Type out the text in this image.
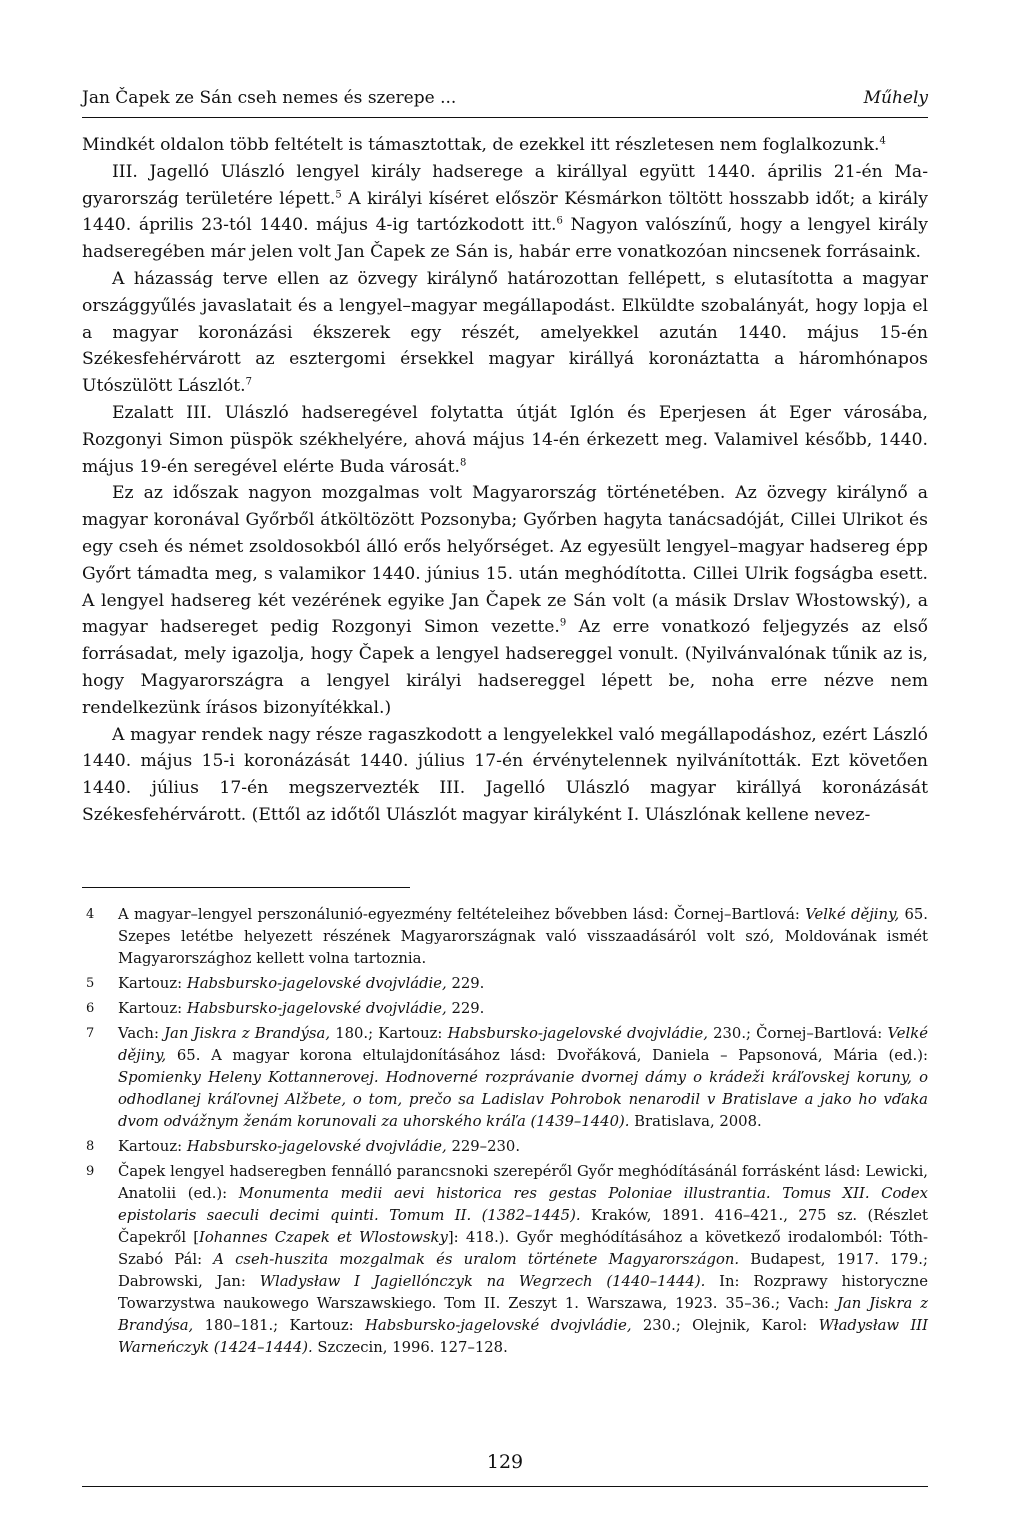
Jan Čapek ze Sán cseh nemes és szerepe ...	Műhely

Mindkét oldalon több feltételt is támasztottak, de ezekkel itt részletesen nem foglalkozunk.$^4$

III. Jagelló Ulászló lengyel király hadserege a királlyal együtt 1440. április 21-én Magyarország területére lépett.$^5$ A királyi kíséret először Késmárkon töltött hosszabb időt; a király 1440. április 23-tól 1440. május 4-ig tartózkodott itt.$^6$ Nagyon valószínű, hogy a lengyel király hadseregében már jelen volt Jan Čapek ze Sán is, habár erre vonatkozóan nincsenek forrásaink.

A házasság terve ellen az özvegy királynő határozottan fellépett, s elutasította a magyar országgyűlés javaslatait és a lengyel–magyar megállapodást. Elküldte szobalányát, hogy lopja el a magyar koronázási ékszerek egy részét, amelyekkel azután 1440. május 15-én Székesfehérvárott az esztergomi érsekkel magyar királlyá koronáztatta a háromhónapos Utószülött Lászlót.$^7$

Ezalatt III. Ulászló hadseregével folytatta útját Iglón és Eperjesen át Eger városába, Rozgonyi Simon püspök székhelyére, ahová május 14-én érkezett meg. Valamivel később, 1440. május 19-én seregével elérte Buda városát.$^8$

Ez az időszak nagyon mozgalmas volt Magyarország történetében. Az özvegy királynő a magyar koronával Győrből átköltözött Pozsonyba; Győrben hagyta tanácsadóját, Cillei Ulrikot és egy cseh és német zsoldosokból álló erős helyőrséget. Az egyesült lengyel–magyar hadsereg épp Győrt támadta meg, s valamikor 1440. június 15. után meghódította. Cillei Ulrik fogságba esett. A lengyel hadsereg két vezérének egyike Jan Čapek ze Sán volt (a másik Drslav Włostowský), a magyar hadsereget pedig Rozgonyi Simon vezette.$^9$ Az erre vonatkozó feljegyzés az első forrásadat, mely igazolja, hogy Čapek a lengyel hadsereggel vonult. (Nyilvánvalónak tűnik az is, hogy Magyarországra a lengyel királyi hadsereggel lépett be, noha erre nézve nem rendelkezünk írásos bizonyítékkal.)

A magyar rendek nagy része ragaszkodott a lengyelekkel való megállapodáshoz, ezért László 1440. május 15-i koronázását 1440. július 17-én érvénytelennek nyilvánították. Ezt követően 1440. július 17-én megszervezték III. Jagelló Ulászló magyar királlyá koronázását Székesfehérvárott. (Ettől az időtől Ulászlót magyar királyként I. Ulászlónak kellene nevez-

4	A magyar–lengyel perszonálunió-egyezmény feltételeihez bővebben lásd: Čornej–Bartlová: Velké dějiny, 65. Szepes letétbe helyezett részének Magyarországnak való visszaadásáról volt szó, Moldovának ismét Magyarországhoz kellett volna tartoznia.
5	Kartouz: Habsbursko-jagelovské dvojvládie, 229.
6	Kartouz: Habsbursko-jagelovské dvojvládie, 229.
7	Vach: Jan Jiskra z Brandýsa, 180.; Kartouz: Habsbursko-jagelovské dvojvládie, 230.; Čornej–Bartlová: Velké dějiny, 65. A magyar korona eltulajdonításához lásd: Dvořáková, Daniela – Papsonová, Mária (ed.): Spomienky Heleny Kottannerovej. Hodnoverné rozprávanie dvornej dámy o krádeži kráľovskej koruny, o odhodlanej kráľovnej Alžbete, o tom, prečo sa Ladislav Pohrobok nenarodil v Bratislave a jako ho vďaka dvom odvážnym ženám korunovali za uhorského kráľa (1439–1440). Bratislava, 2008.
8	Kartouz: Habsbursko-jagelovské dvojvládie, 229–230.
9	Čapek lengyel hadseregben fennálló parancsnoki szerepéről Győr meghódításánál forrásként lásd: Lewicki, Anatolii (ed.): Monumenta medii aevi historica res gestas Poloniae illustrantia. Tomus XII. Codex epistolaris saeculi decimi quinti. Tomum II. (1382–1445). Kraków, 1891. 416–421., 275 sz. (Részlet Čapekről [Iohannes Czapek et Wlostowsky]: 418.). Győr meghódításához a következő irodalomból: Tóth-Szabó Pál: A cseh-huszita mozgalmak és uralom története Magyarországon. Budapest, 1917. 179.; Dabrowski, Jan: Wladysław I Jagiellónczyk na Wegrzech (1440–1444). In: Rozprawy historyczne Towarzystwa naukowego Warszawskiego. Tom II. Zeszyt 1. Warszawa, 1923. 35–36.; Vach: Jan Jiskra z Brandýsa, 180–181.; Kartouz: Habsbursko-jagelovské dvojvládie, 230.; Olejnik, Karol: Władysław III Warneńczyk (1424–1444). Szczecin, 1996. 127–128.
129
